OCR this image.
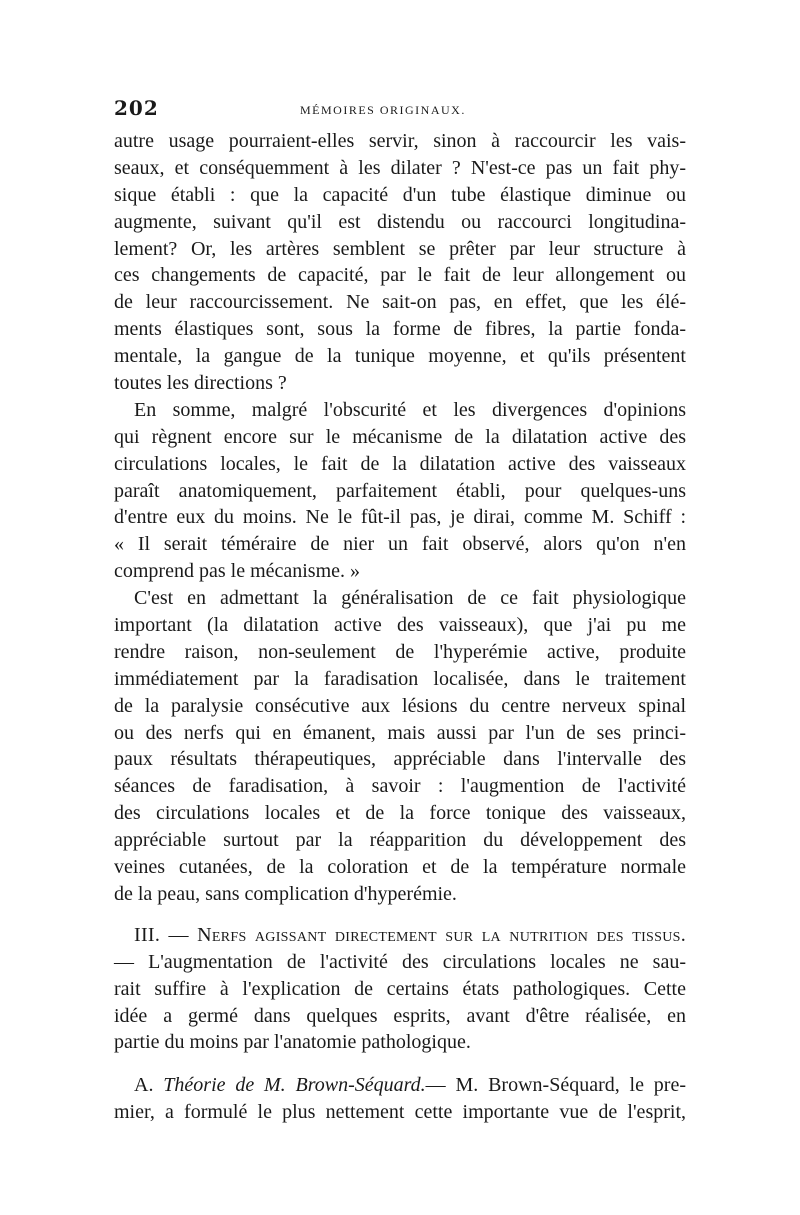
202	MÉMOIRES ORIGINAUX.
autre usage pourraient-elles servir, sinon à raccourcir les vais-
seaux, et conséquemment à les dilater ? N'est-ce pas un fait phy-
sique établi : que la capacité d'un tube élastique diminue ou
augmente, suivant qu'il est distendu ou raccourci longitudina-
lement? Or, les artères semblent se prêter par leur structure à
ces changements de capacité, par le fait de leur allongement ou
de leur raccourcissement. Ne sait-on pas, en effet, que les élé-
ments élastiques sont, sous la forme de fibres, la partie fonda-
mentale, la gangue de la tunique moyenne, et qu'ils présentent
toutes les directions ?
En somme, malgré l'obscurité et les divergences d'opinions
qui règnent encore sur le mécanisme de la dilatation active des
circulations locales, le fait de la dilatation active des vaisseaux
paraît anatomiquement, parfaitement établi, pour quelques-uns
d'entre eux du moins. Ne le fût-il pas, je dirai, comme M. Schiff :
« Il serait téméraire de nier un fait observé, alors qu'on n'en
comprend pas le mécanisme. »
C'est en admettant la généralisation de ce fait physiologique
important (la dilatation active des vaisseaux), que j'ai pu me
rendre raison, non-seulement de l'hyperémie active, produite
immédiatement par la faradisation localisée, dans le traitement
de la paralysie consécutive aux lésions du centre nerveux spinal
ou des nerfs qui en émanent, mais aussi par l'un de ses princi-
paux résultats thérapeutiques, appréciable dans l'intervalle des
séances de faradisation, à savoir : l'augmention de l'activité
des circulations locales et de la force tonique des vaisseaux,
appréciable surtout par la réapparition du développement des
veines cutanées, de la coloration et de la température normale
de la peau, sans complication d'hyperémie.
III. — Nerfs agissant directement sur la nutrition des tissus.
— L'augmentation de l'activité des circulations locales ne sau-
rait suffire à l'explication de certains états pathologiques. Cette
idée a germé dans quelques esprits, avant d'être réalisée, en
partie du moins par l'anatomie pathologique.
A. Théorie de M. Brown-Séquard.— M. Brown-Séquard, le pre-
mier, a formulé le plus nettement cette importante vue de l'esprit,
